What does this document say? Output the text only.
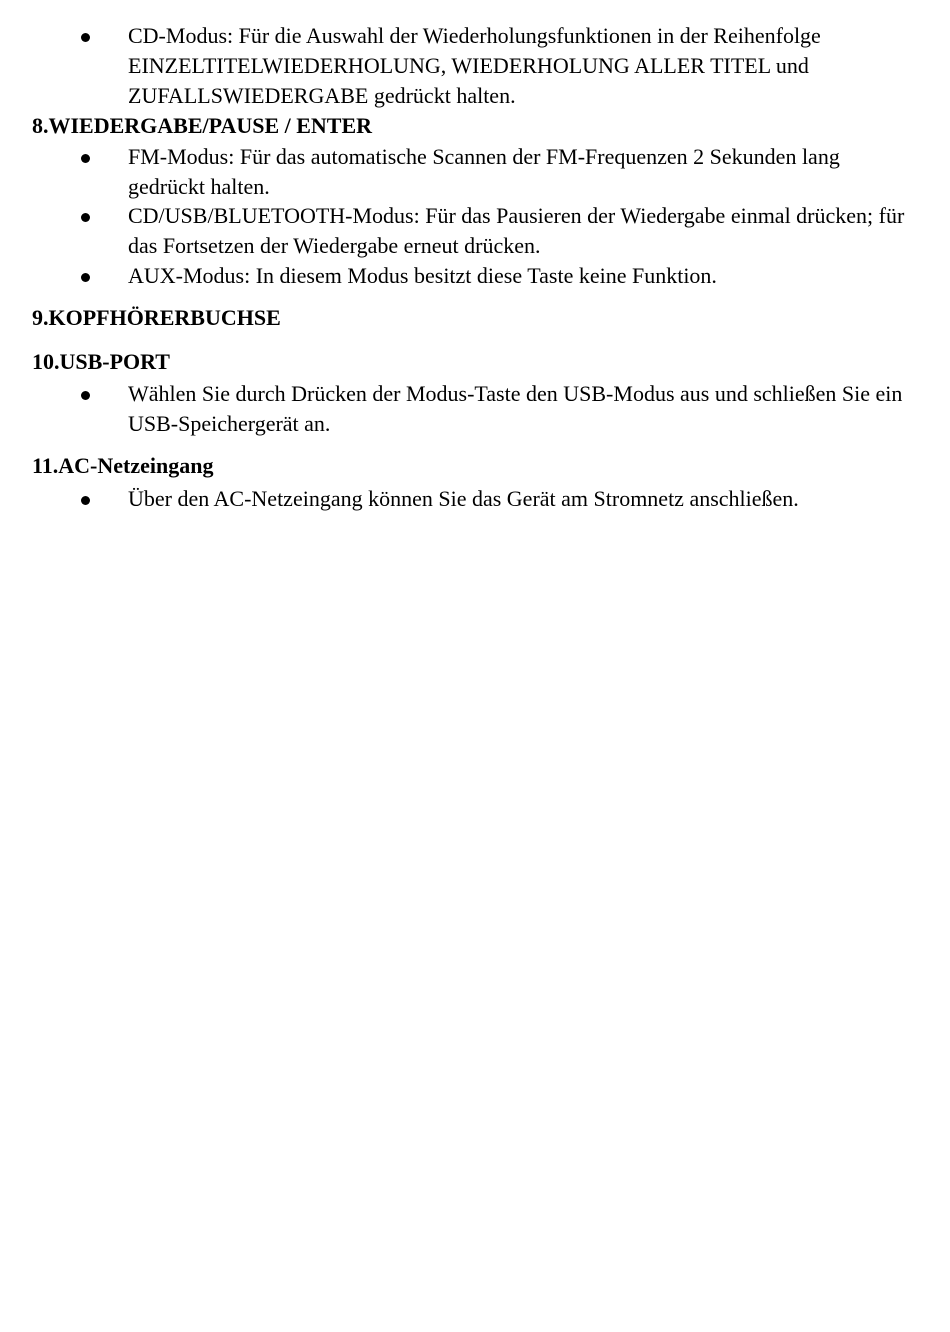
CD-Modus: Für die Auswahl der Wiederholungsfunktionen in der Reihenfolge EINZELTITELWIEDERHOLUNG, WIEDERHOLUNG ALLER TITEL und ZUFALLSWIEDERGABE gedrückt halten.
8.WIEDERGABE/PAUSE / ENTER
FM-Modus: Für das automatische Scannen der FM-Frequenzen 2 Sekunden lang gedrückt halten.
CD/USB/BLUETOOTH-Modus: Für das Pausieren der Wiedergabe einmal drücken; für das Fortsetzen der Wiedergabe erneut drücken.
AUX-Modus: In diesem Modus besitzt diese Taste keine Funktion.
9.KOPFHÖRERBUCHSE
10.USB-PORT
Wählen Sie durch Drücken der Modus-Taste den USB-Modus aus und schließen Sie ein USB-Speichergerät an.
11.AC-Netzeingang
Über den AC-Netzeingang können Sie das Gerät am Stromnetz anschließen.
